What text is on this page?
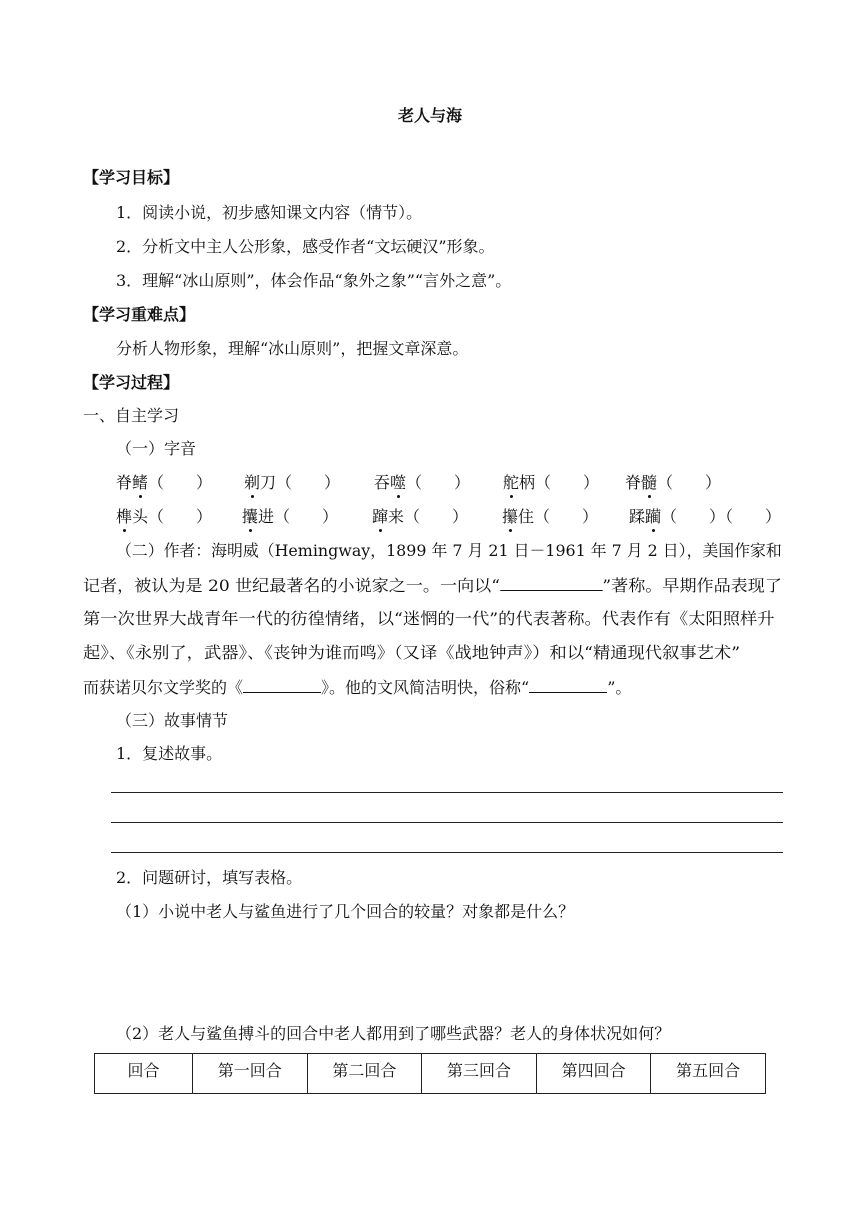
老人与海
【学习目标】
1．阅读小说，初步感知课文内容（情节）。
2．分析文中主人公形象，感受作者“文坛硬汉”形象。
3．理解“冰山原则”，体会作品“象外之象”“言外之意”。
【学习重难点】
分析人物形象，理解“冰山原则”，把握文章深意。
【学习过程】
一、自主学习
（一）字音
脊鳍（　　） 剃刀（　　） 吞噬（　　） 舵柄（　　） 脊髓（　　）
榫头（　　） 攮进（　　） 蹿来（　　） 攥住（　　） 蹂躏（　　）（　　）
（二）作者：海明威（Hemingway，1899 年 7 月 21 日－1961 年 7 月 2 日），美国作家和
记者，被认为是 20 世纪最著名的小说家之一。一向以“	”著称。早期作品表现了
第一次世界大战青年一代的彷徨情绪，以“迷惘的一代”的代表著称。代表作有《太阳照样升
起》、《永别了，武器》、《丧钟为谁而鸣》（又译《战地钟声》）和以“精通现代叙事艺术”
而获诺贝尔文学奖的《	》。他的文风简洁明快，俗称“	”。
（三）故事情节
1．复述故事。
2．问题研讨，填写表格。
（1）小说中老人与鲨鱼进行了几个回合的较量？对象都是什么？
（2）老人与鲨鱼搏斗的回合中老人都用到了哪些武器？老人的身体状况如何？
回合	第一回合	第二回合	第三回合	第四回合	第五回合
